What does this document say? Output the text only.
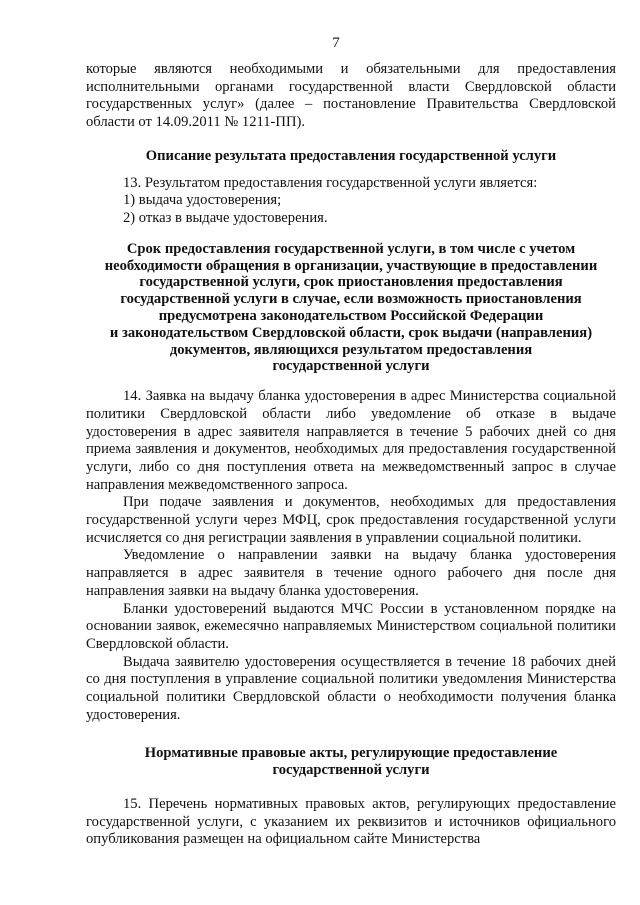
7

которые являются необходимыми и обязательными для предоставления исполнительными органами государственной власти Свердловской области государственных услуг» (далее – постановление Правительства Свердловской области от 14.09.2011 № 1211-ПП).

Описание результата предоставления государственной услуги

13. Результатом предоставления государственной услуги является:

1) выдача удостоверения;

2) отказ в выдаче удостоверения.

Срок предоставления государственной услуги, в том числе с учетом
необходимости обращения в организации, участвующие в предоставлении
государственной услуги, срок приостановления предоставления
государственной услуги в случае, если возможность приостановления
предусмотрена законодательством Российской Федерации
и законодательством Свердловской области, срок выдачи (направления)
документов, являющихся результатом предоставления
государственной услуги

14. Заявка на выдачу бланка удостоверения в адрес Министерства социальной политики Свердловской области либо уведомление об отказе в выдаче удостоверения в адрес заявителя направляется в течение 5 рабочих дней со дня приема заявления и документов, необходимых для предоставления государственной услуги, либо со дня поступления ответа на межведомственный запрос в случае направления межведомственного запроса.

При подаче заявления и документов, необходимых для предоставления государственной услуги через МФЦ, срок предоставления государственной услуги исчисляется со дня регистрации заявления в управлении социальной политики.

Уведомление о направлении заявки на выдачу бланка удостоверения направляется в адрес заявителя в течение одного рабочего дня после дня направления заявки на выдачу бланка удостоверения.

Бланки удостоверений выдаются МЧС России в установленном порядке на основании заявок, ежемесячно направляемых Министерством социальной политики Свердловской области.

Выдача заявителю удостоверения осуществляется в течение 18 рабочих дней со дня поступления в управление социальной политики уведомления Министерства социальной политики Свердловской области о необходимости получения бланка удостоверения.

Нормативные правовые акты, регулирующие предоставление
государственной услуги

15. Перечень нормативных правовых актов, регулирующих предоставление государственной услуги, с указанием их реквизитов и источников официального опубликования размещен на официальном сайте Министерства
